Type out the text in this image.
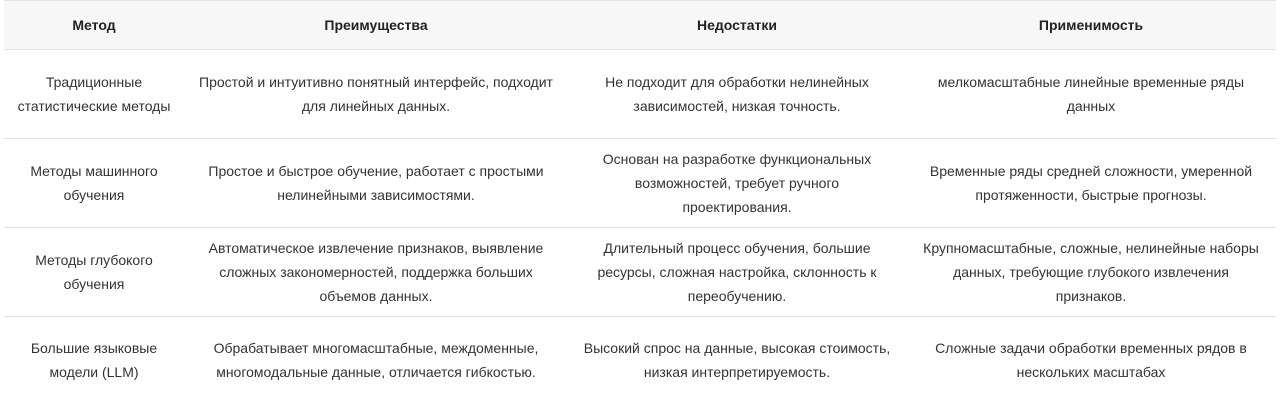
Метод	Преимущества	Недостатки	Применимость
Традиционные статистические методы	Простой и интуитивно понятный интерфейс, подходит для линейных данных.	Не подходит для обработки нелинейных зависимостей, низкая точность.	мелкомасштабные линейные временные ряды данных
Методы машинного обучения	Простое и быстрое обучение, работает с простыми нелинейными зависимостями.	Основан на разработке функциональных возможностей, требует ручного проектирования.	Временные ряды средней сложности, умеренной протяженности, быстрые прогнозы.
Методы глубокого обучения	Автоматическое извлечение признаков, выявление сложных закономерностей, поддержка больших объемов данных.	Длительный процесс обучения, большие ресурсы, сложная настройка, склонность к переобучению.	Крупномасштабные, сложные, нелинейные наборы данных, требующие глубокого извлечения признаков.
Большие языковые модели (LLM)	Обрабатывает многомасштабные, междоменные, многомодальные данные, отличается гибкостью.	Высокий спрос на данные, высокая стоимость, низкая интерпретируемость.	Сложные задачи обработки временных рядов в нескольких масштабах
